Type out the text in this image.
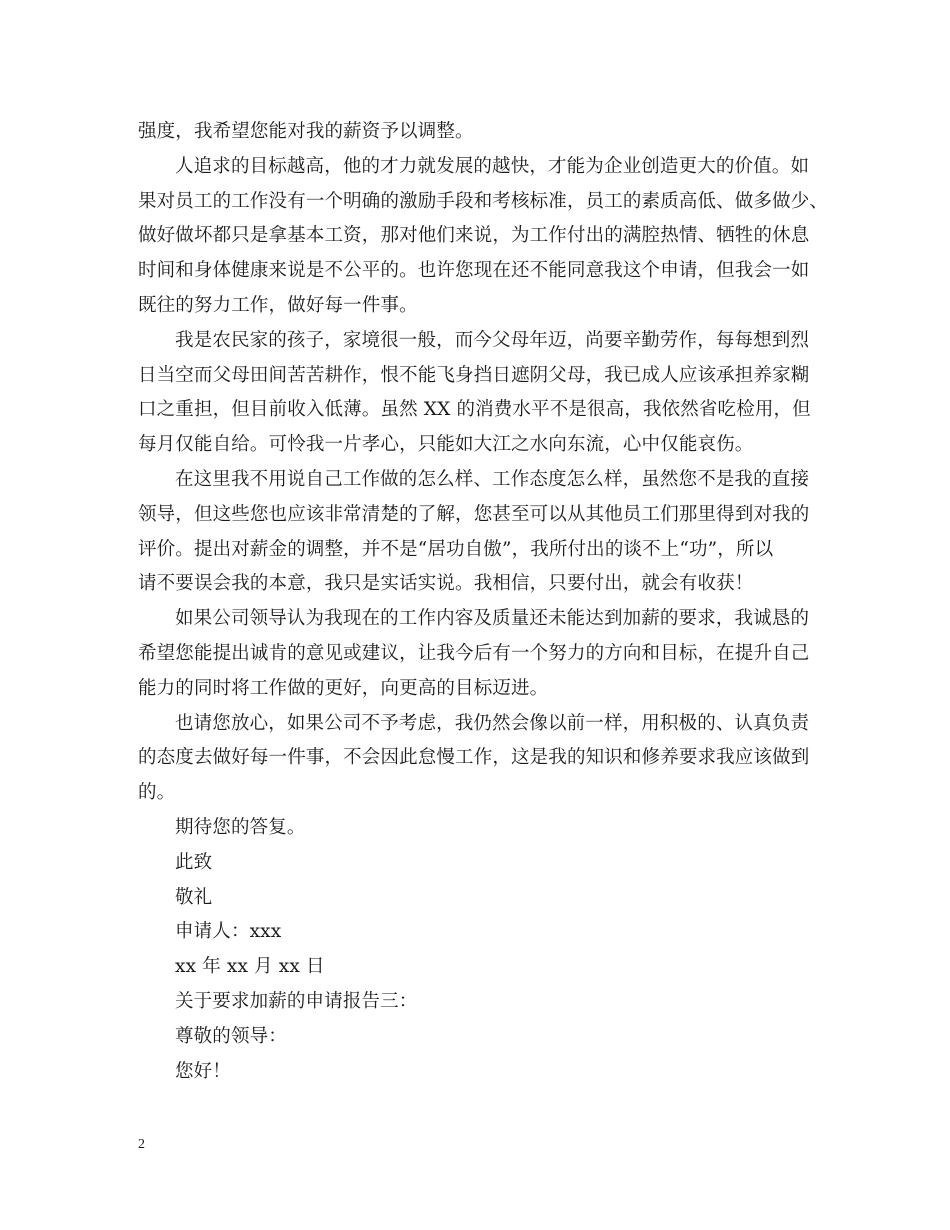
强度，我希望您能对我的薪资予以调整。
人追求的目标越高，他的才力就发展的越快，才能为企业创造更大的价值。如
果对员工的工作没有一个明确的激励手段和考核标准，员工的素质高低、做多做少、
做好做坏都只是拿基本工资，那对他们来说，为工作付出的满腔热情、牺牲的休息
时间和身体健康来说是不公平的。也许您现在还不能同意我这个申请，但我会一如
既往的努力工作，做好每一件事。
我是农民家的孩子，家境很一般，而今父母年迈，尚要辛勤劳作，每每想到烈
日当空而父母田间苦苦耕作，恨不能飞身挡日遮阴父母，我已成人应该承担养家糊
口之重担，但目前收入低薄。虽然 XX 的消费水平不是很高，我依然省吃检用，但
每月仅能自给。可怜我一片孝心，只能如大江之水向东流，心中仅能哀伤。
在这里我不用说自己工作做的怎么样、工作态度怎么样，虽然您不是我的直接
领导，但这些您也应该非常清楚的了解，您甚至可以从其他员工们那里得到对我的
评价。提出对薪金的调整，并不是“居功自傲”，我所付出的谈不上“功”，所以
请不要误会我的本意，我只是实话实说。我相信，只要付出，就会有收获！
如果公司领导认为我现在的工作内容及质量还未能达到加薪的要求，我诚恳的
希望您能提出诚肯的意见或建议，让我今后有一个努力的方向和目标，在提升自己
能力的同时将工作做的更好，向更高的目标迈进。
也请您放心，如果公司不予考虑，我仍然会像以前一样，用积极的、认真负责
的态度去做好每一件事，不会因此怠慢工作，这是我的知识和修养要求我应该做到
的。
期待您的答复。
此致
敬礼
申请人：xxx
xx 年 xx 月 xx 日
关于要求加薪的申请报告三：
尊敬的领导：
您好！
2
